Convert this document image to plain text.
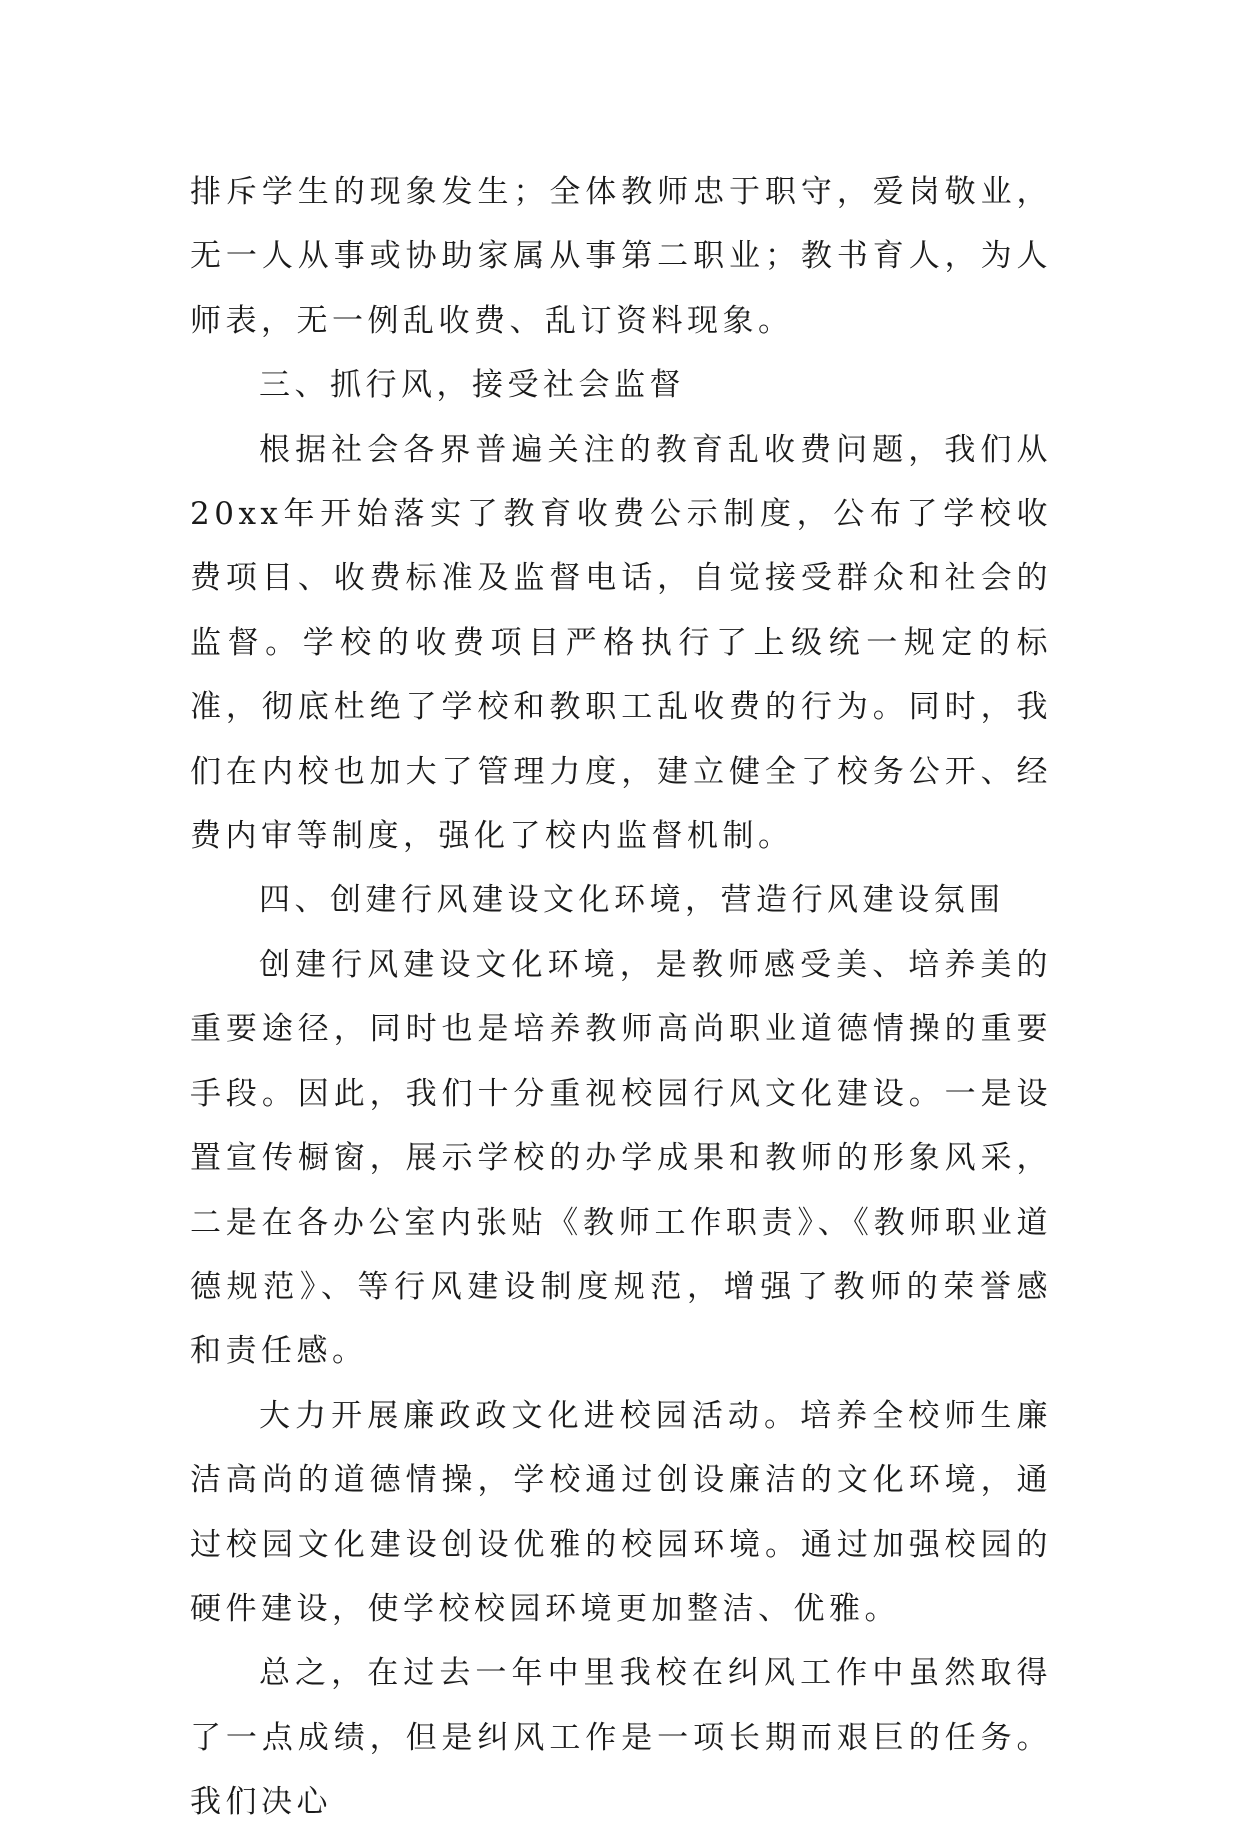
排斥学生的现象发生；全体教师忠于职守，爱岗敬业，无一人从事或协助家属从事第二职业；教书育人，为人师表，无一例乱收费、乱订资料现象。

三、抓行风，接受社会监督

根据社会各界普遍关注的教育乱收费问题，我们从20xx年开始落实了教育收费公示制度，公布了学校收费项目、收费标准及监督电话，自觉接受群众和社会的监督。学校的收费项目严格执行了上级统一规定的标准，彻底杜绝了学校和教职工乱收费的行为。同时，我们在内校也加大了管理力度，建立健全了校务公开、经费内审等制度，强化了校内监督机制。

四、创建行风建设文化环境，营造行风建设氛围

创建行风建设文化环境，是教师感受美、培养美的重要途径，同时也是培养教师高尚职业道德情操的重要手段。因此，我们十分重视校园行风文化建设。一是设置宣传橱窗，展示学校的办学成果和教师的形象风采，二是在各办公室内张贴《教师工作职责》、《教师职业道德规范》、等行风建设制度规范，增强了教师的荣誉感和责任感。

大力开展廉政政文化进校园活动。培养全校师生廉洁高尚的道德情操，学校通过创设廉洁的文化环境，通过校园文化建设创设优雅的校园环境。通过加强校园的硬件建设，使学校校园环境更加整洁、优雅。

总之，在过去一年中里我校在纠风工作中虽然取得了一点成绩，但是纠风工作是一项长期而艰巨的任务。我们决心
